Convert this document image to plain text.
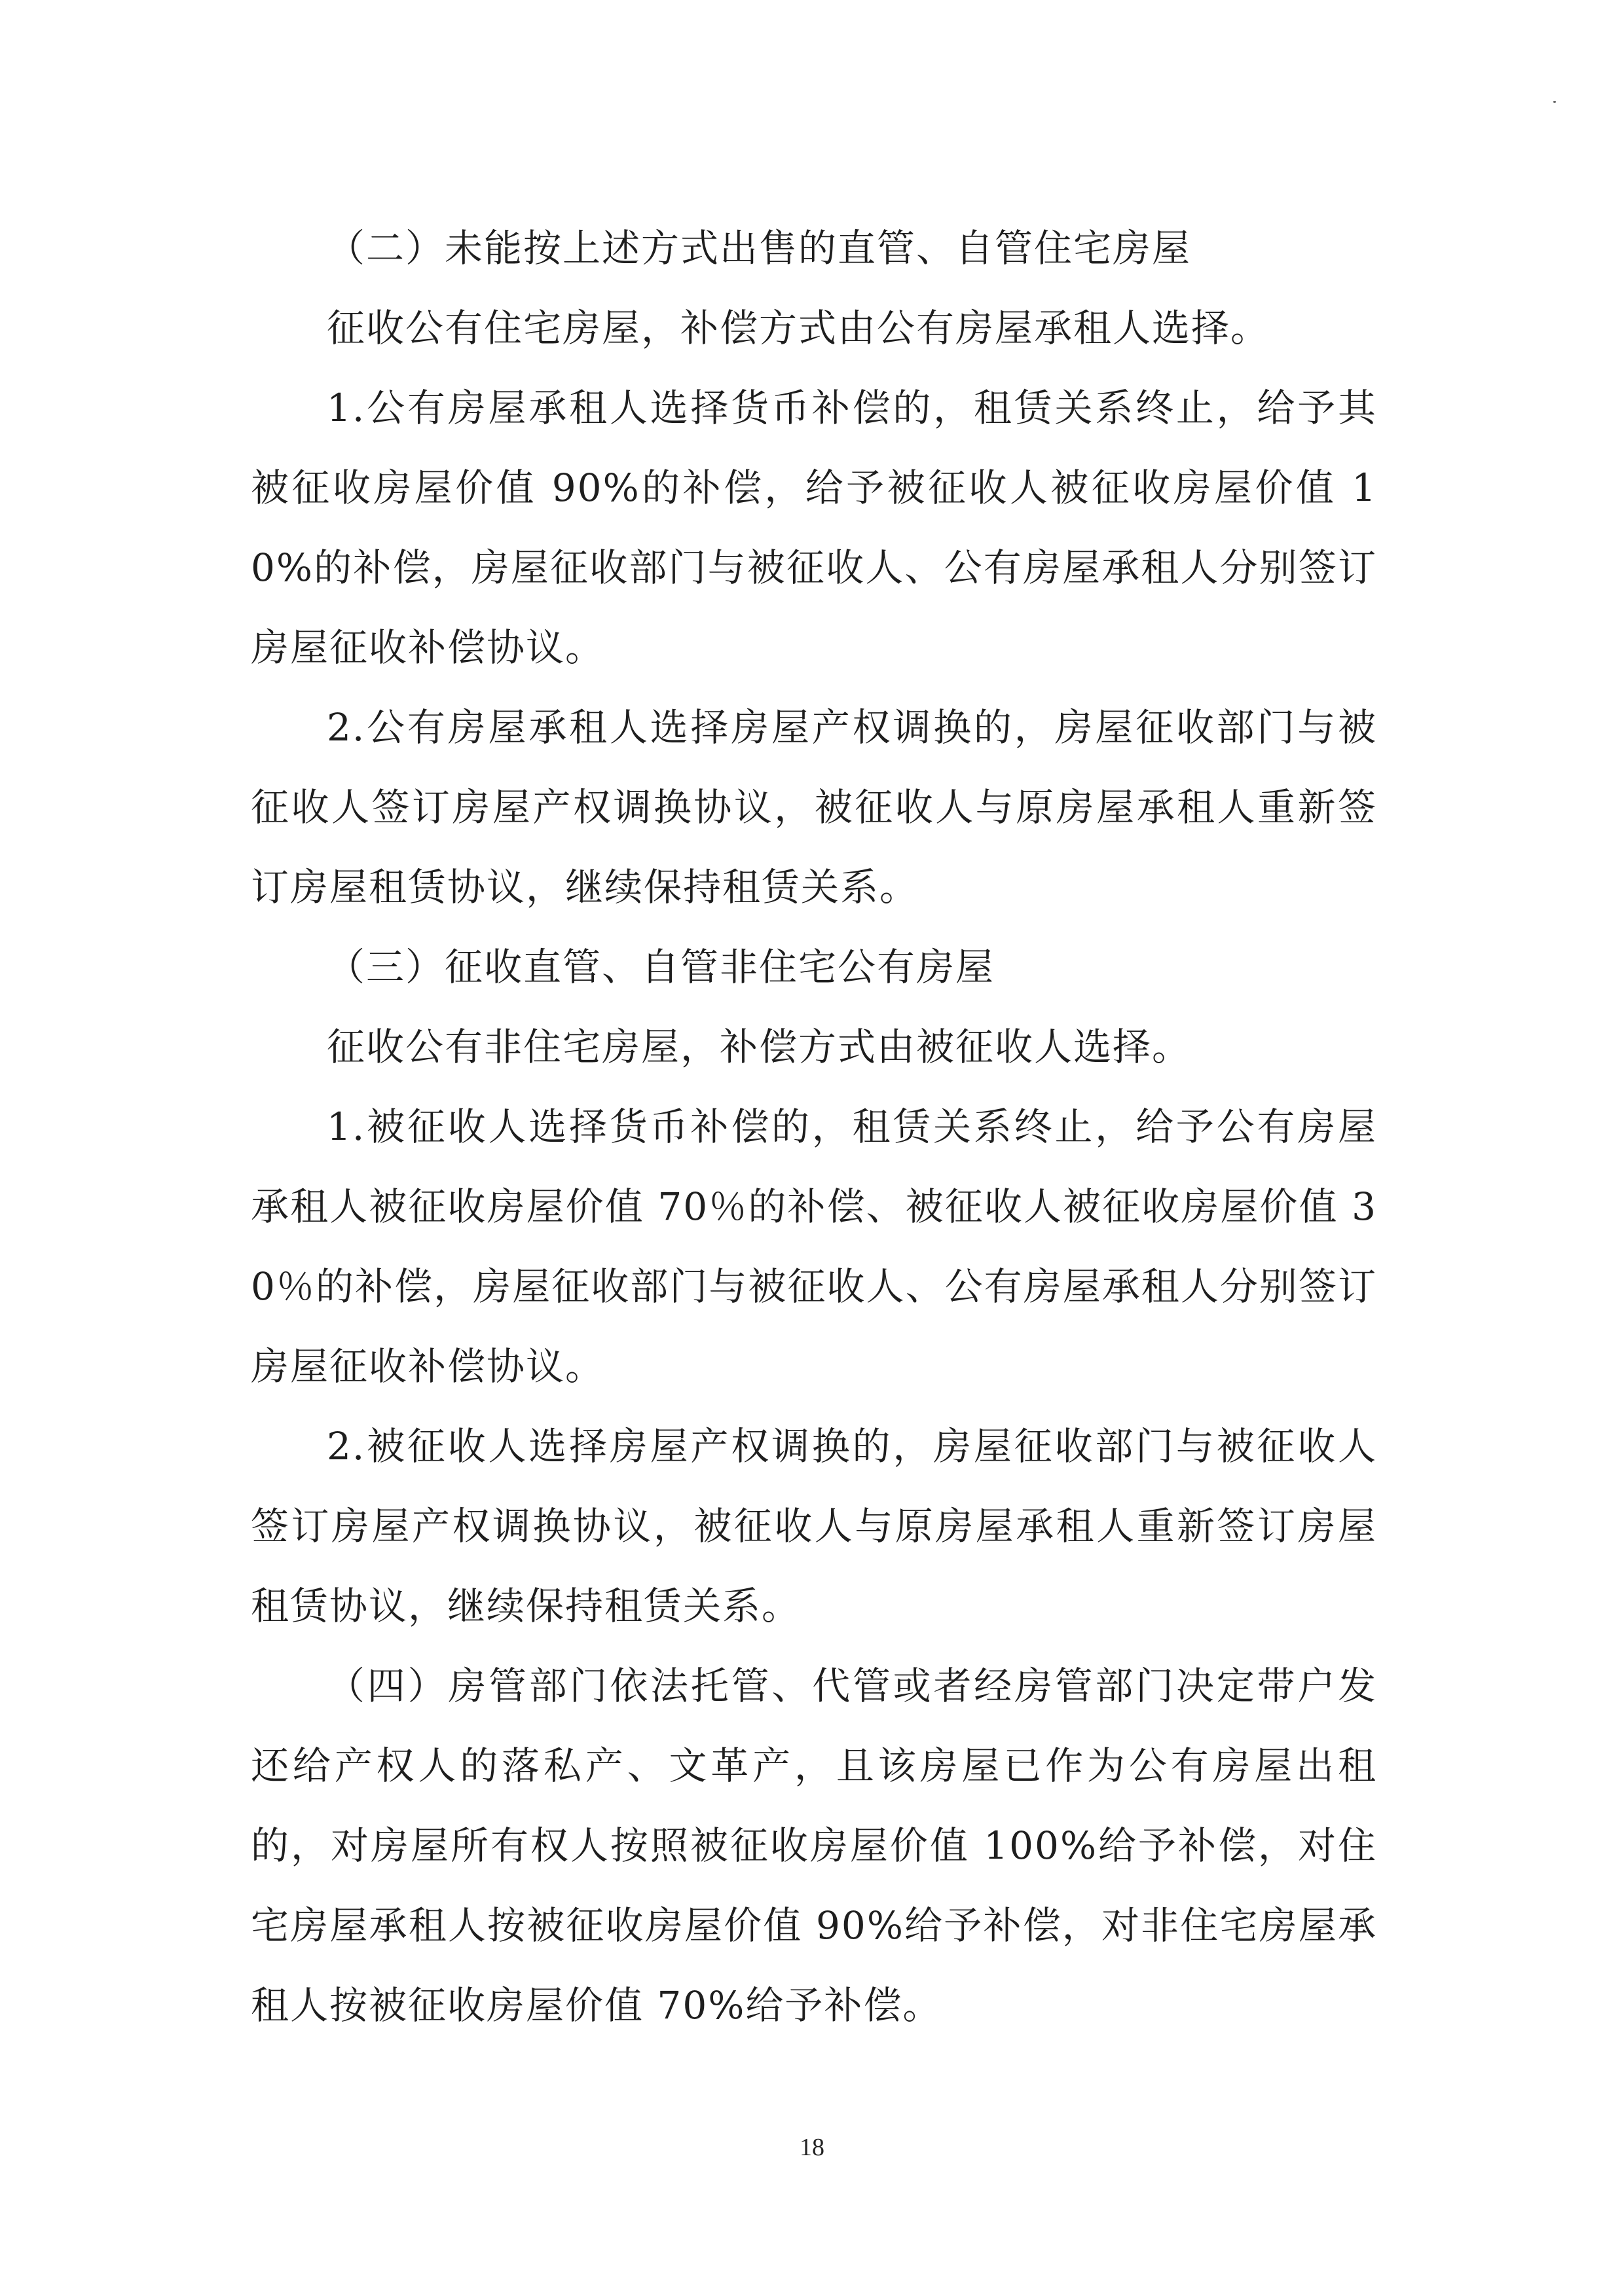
（二）未能按上述方式出售的直管、自管住宅房屋

征收公有住宅房屋，补偿方式由公有房屋承租人选择。

1.公有房屋承租人选择货币补偿的，租赁关系终止，给予其被征收房屋价值 90%的补偿，给予被征收人被征收房屋价值 10%的补偿，房屋征收部门与被征收人、公有房屋承租人分别签订房屋征收补偿协议。

2.公有房屋承租人选择房屋产权调换的，房屋征收部门与被征收人签订房屋产权调换协议，被征收人与原房屋承租人重新签订房屋租赁协议，继续保持租赁关系。

（三）征收直管、自管非住宅公有房屋

征收公有非住宅房屋，补偿方式由被征收人选择。

1.被征收人选择货币补偿的，租赁关系终止，给予公有房屋承租人被征收房屋价值 70％的补偿、被征收人被征收房屋价值 30％的补偿，房屋征收部门与被征收人、公有房屋承租人分别签订房屋征收补偿协议。

2.被征收人选择房屋产权调换的，房屋征收部门与被征收人签订房屋产权调换协议，被征收人与原房屋承租人重新签订房屋租赁协议，继续保持租赁关系。

（四）房管部门依法托管、代管或者经房管部门决定带户发还给产权人的落私产、文革产，且该房屋已作为公有房屋出租的，对房屋所有权人按照被征收房屋价值 100%给予补偿，对住宅房屋承租人按被征收房屋价值 90%给予补偿，对非住宅房屋承租人按被征收房屋价值 70%给予补偿。

18
